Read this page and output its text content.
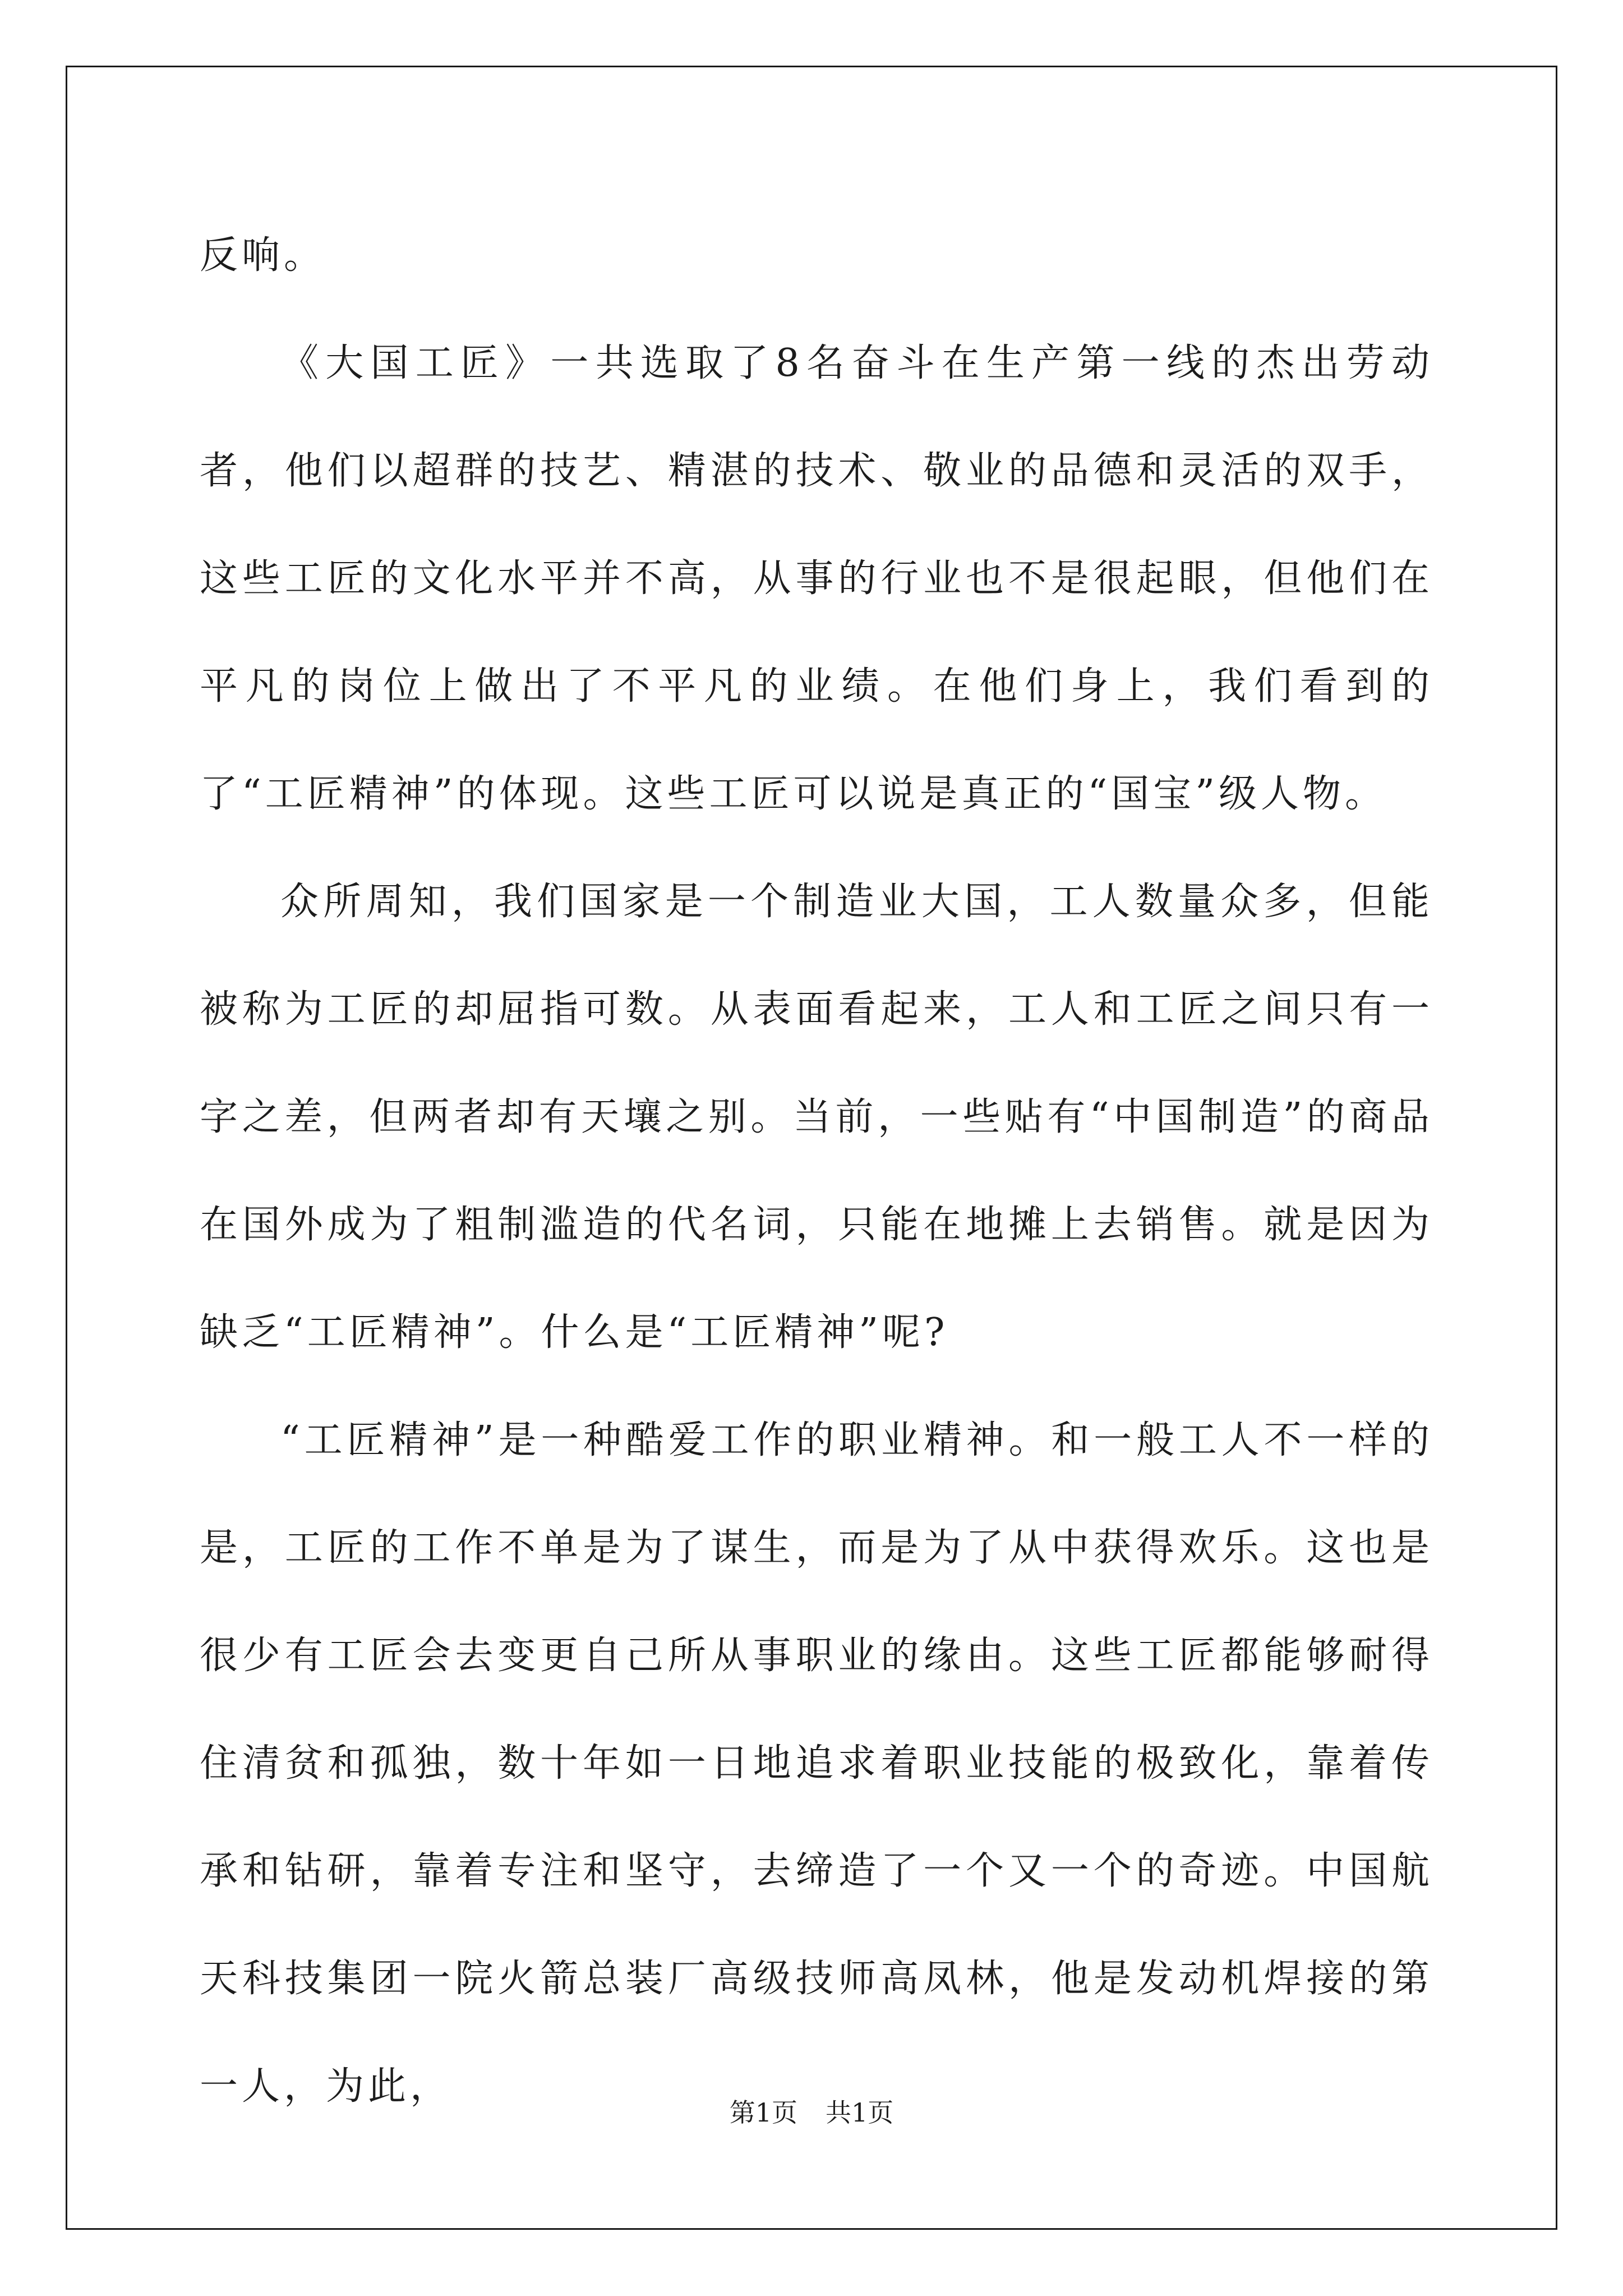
反响。

《大国工匠》一共选取了8名奋斗在生产第一线的杰出劳动者，他们以超群的技艺、精湛的技术、敬业的品德和灵活的双手，这些工匠的文化水平并不高，从事的行业也不是很起眼，但他们在平凡的岗位上做出了不平凡的业绩。在他们身上，我们看到的了“工匠精神”的体现。这些工匠可以说是真正的“国宝”级人物。

众所周知，我们国家是一个制造业大国，工人数量众多，但能被称为工匠的却屈指可数。从表面看起来，工人和工匠之间只有一字之差，但两者却有天壤之别。当前，一些贴有“中国制造”的商品在国外成为了粗制滥造的代名词，只能在地摊上去销售。就是因为缺乏“工匠精神”。什么是“工匠精神”呢?

“工匠精神”是一种酷爱工作的职业精神。和一般工人不一样的是，工匠的工作不单是为了谋生，而是为了从中获得欢乐。这也是很少有工匠会去变更自己所从事职业的缘由。这些工匠都能够耐得住清贫和孤独，数十年如一日地追求着职业技能的极致化，靠着传承和钻研，靠着专注和坚守，去缔造了一个又一个的奇迹。中国航天科技集团一院火箭总装厂高级技师高凤林，他是发动机焊接的第一人，为此，

第1页 共1页
